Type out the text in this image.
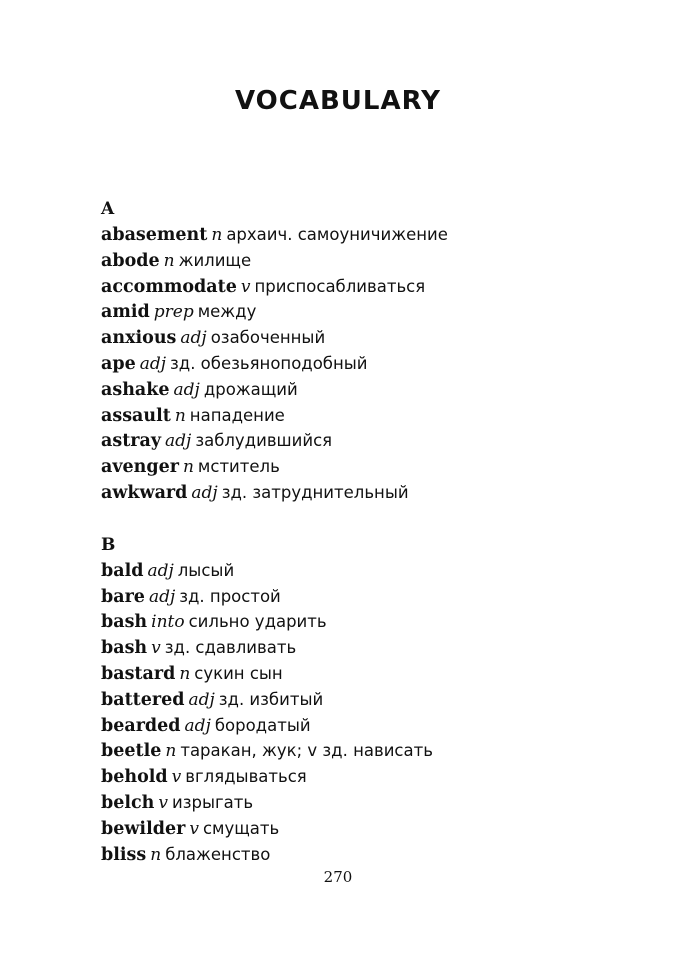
VOCABULARY
A
abasement n архаич. самоуничижение
abode n жилище
accommodate v приспосабливаться
amid prep между
anxious adj озабоченный
ape adj зд. обезьяноподобный
ashake adj дрожащий
assault n нападение
astray adj заблудившийся
avenger n мститель
awkward adj зд. затруднительный
B
bald adj лысый
bare adj зд. простой
bash into сильно ударить
bash v зд. сдавливать
bastard n сукин сын
battered adj зд. избитый
bearded adj бородатый
beetle n таракан, жук; v зд. нависать
behold v вглядываться
belch v изрыгать
bewilder v смущать
bliss n блаженство
270
